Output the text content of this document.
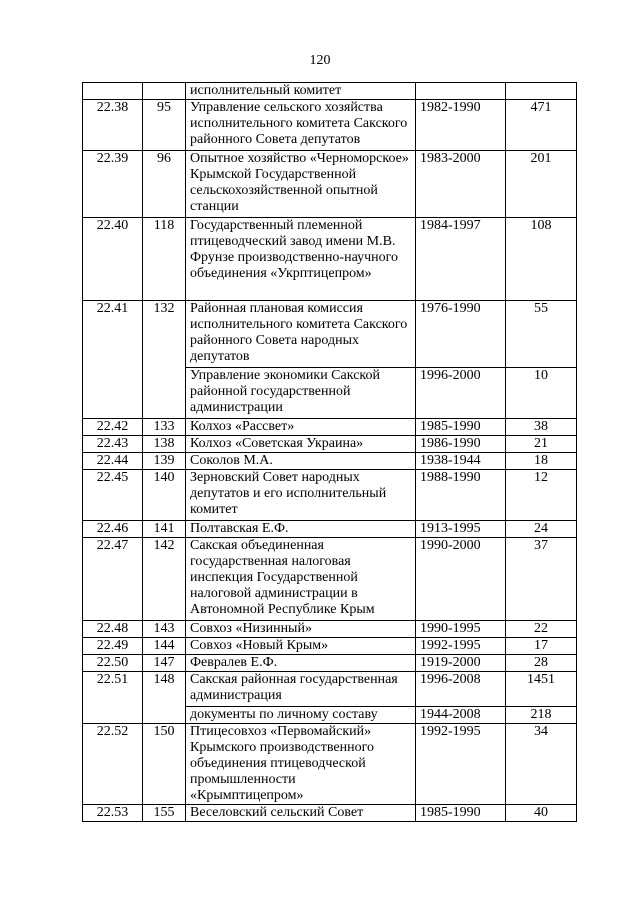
120
		исполнительный комитет		
22.38	95	Управление сельского хозяйства исполнительного комитета Сакского районного Совета депутатов	1982-1990	471
22.39	96	Опытное хозяйство «Черноморское» Крымской Государственной сельскохозяйственной опытной станции	1983-2000	201
22.40	118	Государственный племенной птицеводческий завод имени М.В. Фрунзе производственно-научного объединения «Укрптицепром»	1984-1997	108
22.41	132	Районная плановая комиссия исполнительного комитета Сакского районного Совета народных депутатов	1976-1990	55
		Управление экономики Сакской районной государственной администрации	1996-2000	10
22.42	133	Колхоз «Рассвет»	1985-1990	38
22.43	138	Колхоз «Советская Украина»	1986-1990	21
22.44	139	Соколов М.А.	1938-1944	18
22.45	140	Зерновский Совет народных депутатов и его исполнительный комитет	1988-1990	12
22.46	141	Полтавская Е.Ф.	1913-1995	24
22.47	142	Сакская объединенная государственная налоговая инспекция Государственной налоговой администрации в Автономной Республике Крым	1990-2000	37
22.48	143	Совхоз «Низинный»	1990-1995	22
22.49	144	Совхоз «Новый Крым»	1992-1995	17
22.50	147	Февралев Е.Ф.	1919-2000	28
22.51	148	Сакская районная государственная администрация	1996-2008	1451
		документы по личному составу	1944-2008	218
22.52	150	Птицесовхоз «Первомайский» Крымского производственного объединения птицеводческой промышленности «Крымптицепром»	1992-1995	34
22.53	155	Веселовский сельский Совет	1985-1990	40
